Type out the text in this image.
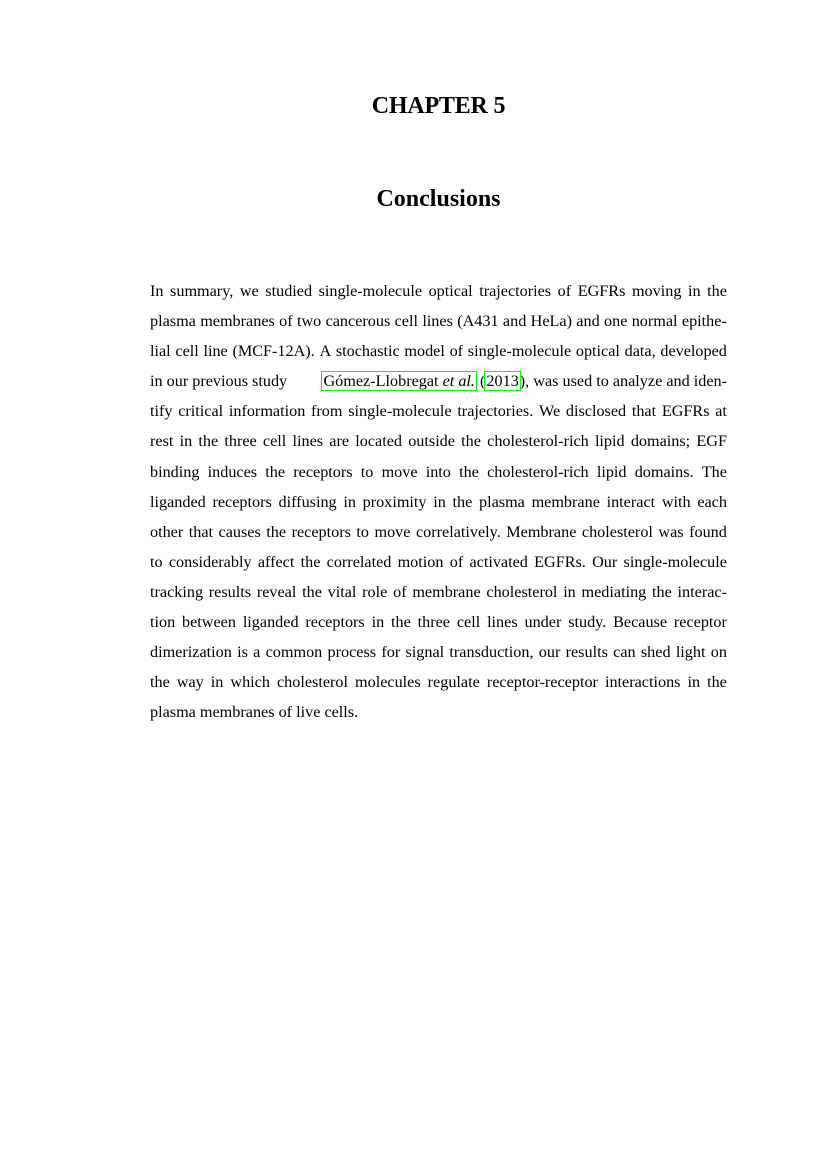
CHAPTER 5
Conclusions
In summary, we studied single-molecule optical trajectories of EGFRs moving in the
plasma membranes of two cancerous cell lines (A431 and HeLa) and one normal epithe-
lial cell line (MCF-12A). A stochastic model of single-molecule optical data, developed
in our previous study Gómez-Llobregat et al. (2013), was used to analyze and iden-
tify critical information from single-molecule trajectories. We disclosed that EGFRs at
rest in the three cell lines are located outside the cholesterol-rich lipid domains; EGF
binding induces the receptors to move into the cholesterol-rich lipid domains. The
liganded receptors diffusing in proximity in the plasma membrane interact with each
other that causes the receptors to move correlatively. Membrane cholesterol was found
to considerably affect the correlated motion of activated EGFRs. Our single-molecule
tracking results reveal the vital role of membrane cholesterol in mediating the interac-
tion between liganded receptors in the three cell lines under study. Because receptor
dimerization is a common process for signal transduction, our results can shed light on
the way in which cholesterol molecules regulate receptor-receptor interactions in the
plasma membranes of live cells.
